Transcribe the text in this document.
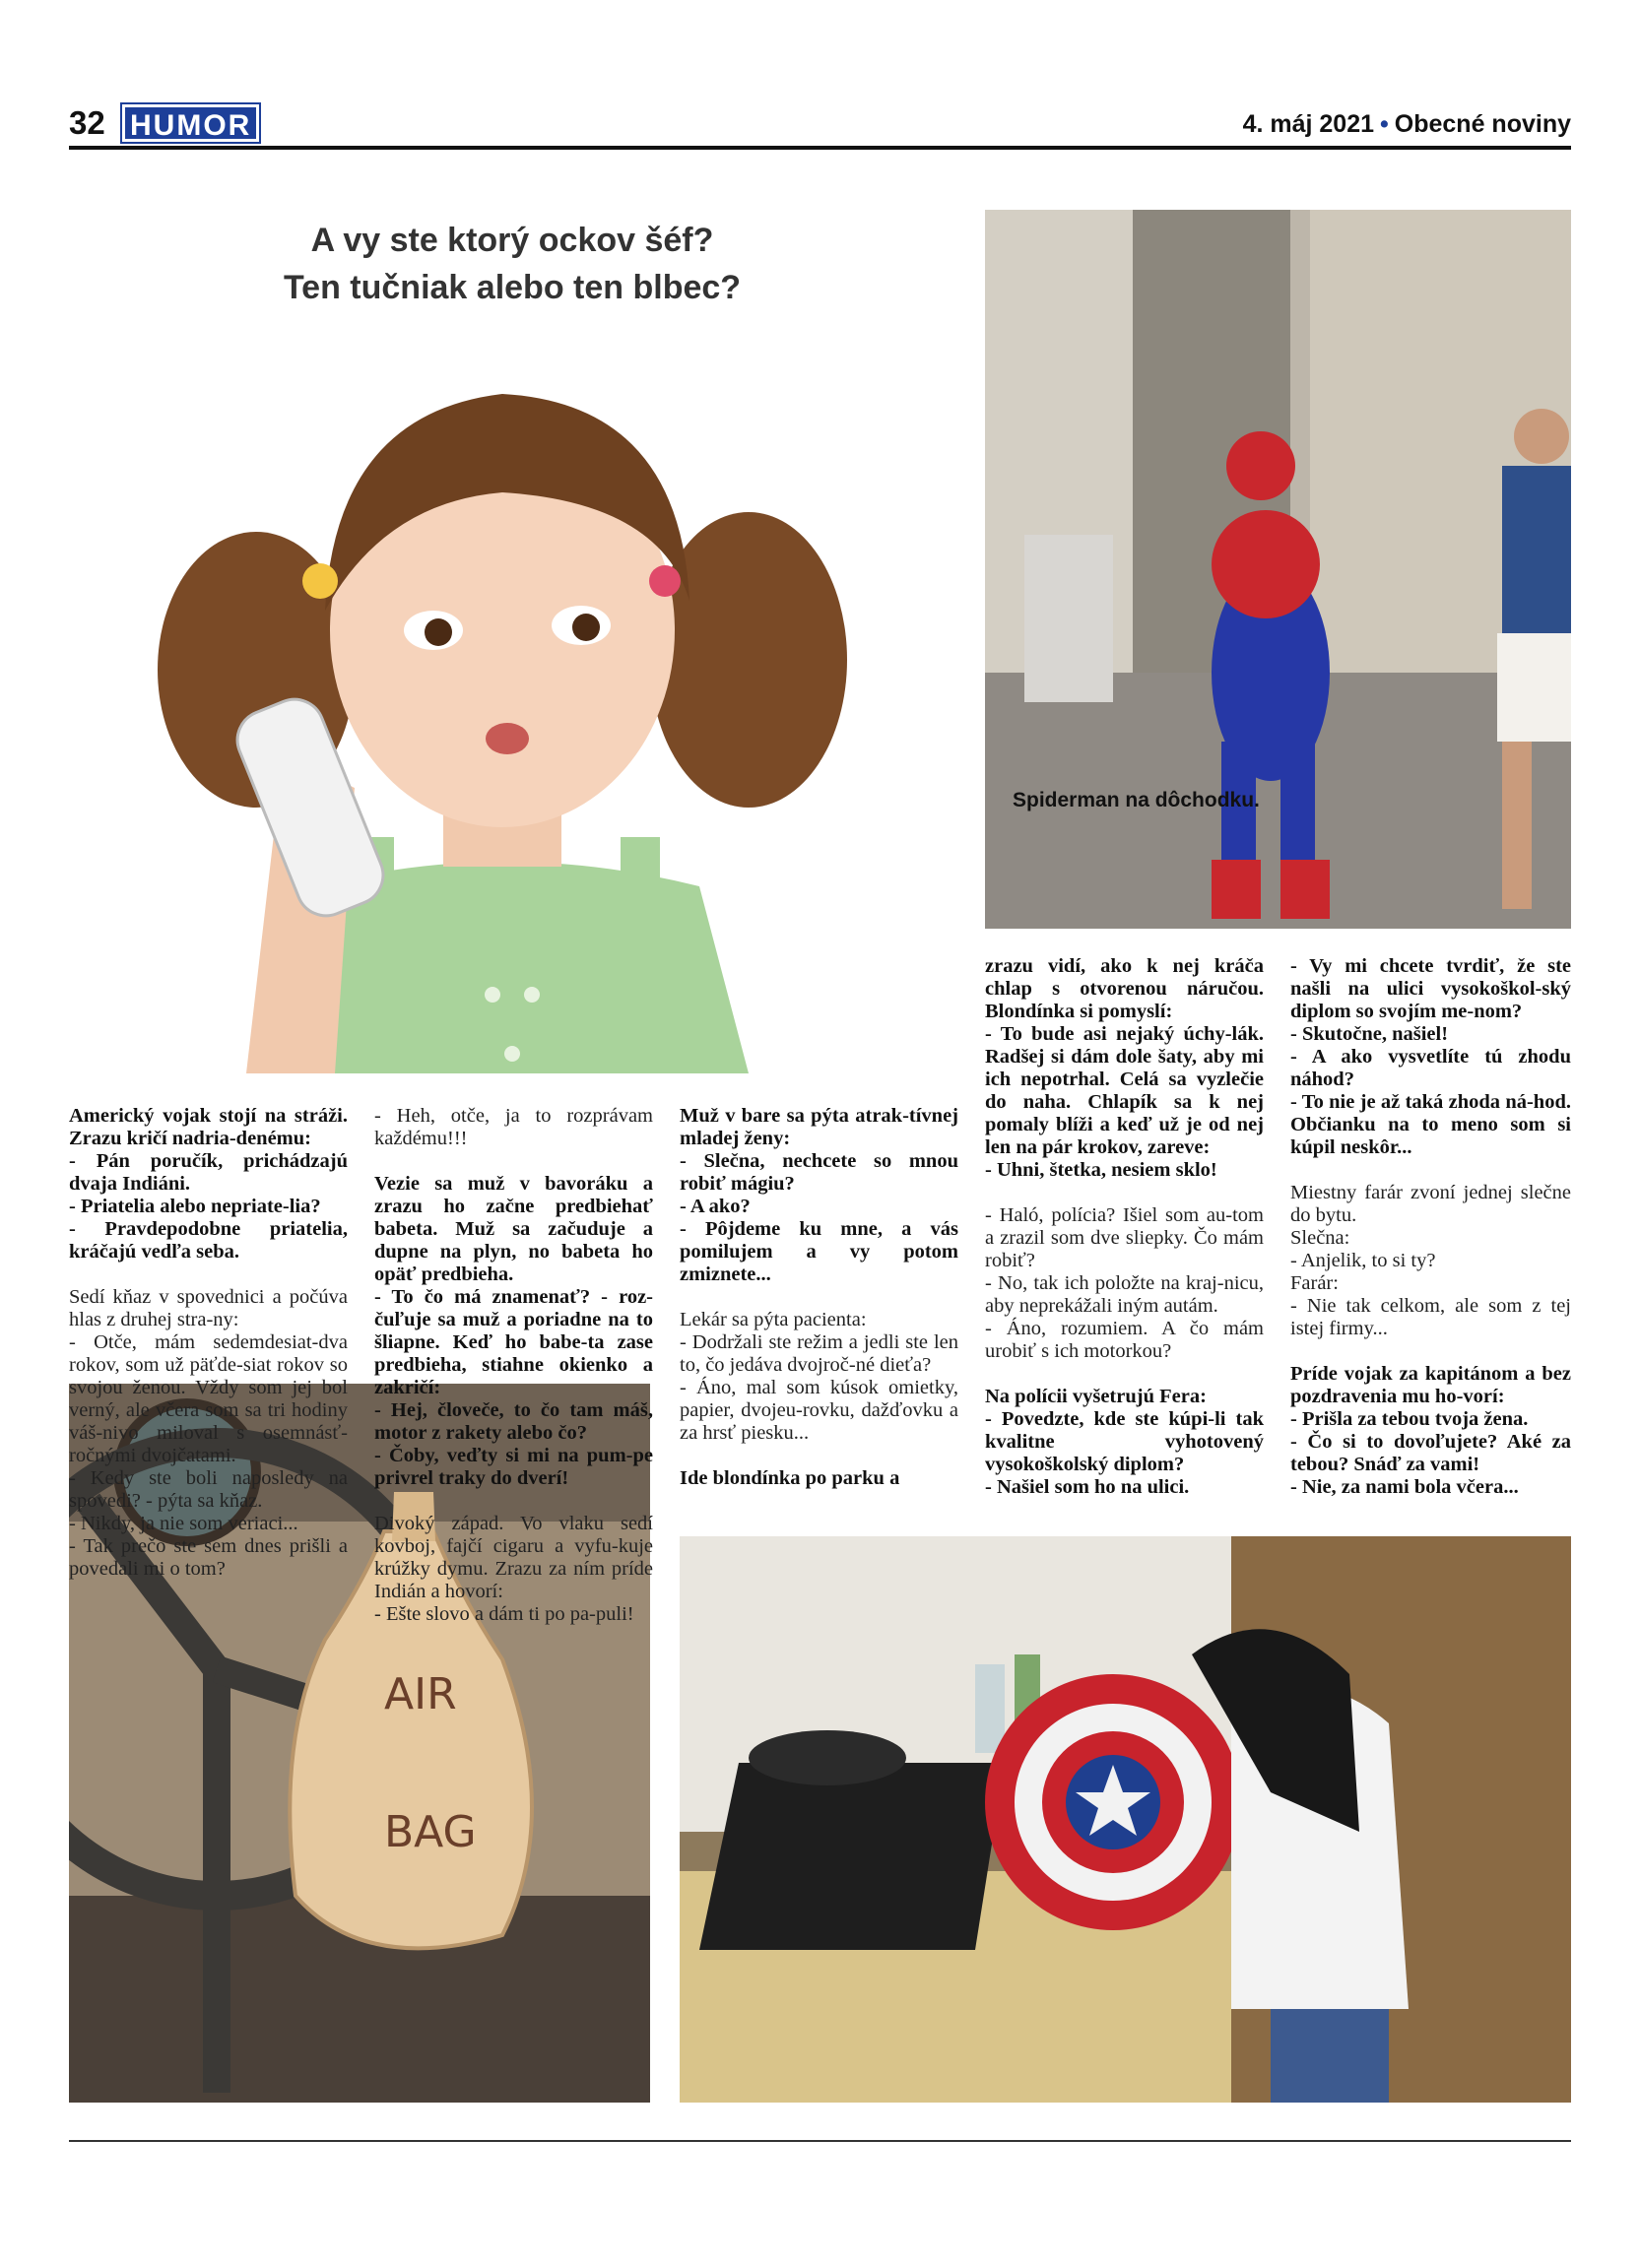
32 HUMOR	4. máj 2021 • Obecné noviny
A vy ste ktorý ockov šéf?
Ten tučniak alebo ten blbec?
Spiderman na dôchodku.
AIR
BAG

Americký vojak stojí na stráži. Zrazu kričí nadria-denému:
- Pán poručík, prichádzajú dvaja Indiáni.
- Priatelia alebo nepriate-lia?
- Pravdepodobne priatelia, kráčajú vedľa seba.

Sedí kňaz v spovednici a počúva hlas z druhej stra-ny:
- Otče, mám sedemdesiat-dva rokov, som už päťde-siat rokov so svojou ženou. Vždy som jej bol verný, ale včera som sa tri hodiny váš-nivo miloval s osemnásť-ročnými dvojčatami.
- Kedy ste boli naposledy na spovedi? - pýta sa kňaz.
- Nikdy, ja nie som veriaci...
- Tak prečo ste sem dnes prišli a povedali mi o tom?

- Heh, otče, ja to rozprávam každému!!!

Vezie sa muž v bavoráku a zrazu ho začne predbiehať babeta. Muž sa začuduje a dupne na plyn, no babeta ho opäť predbieha.
- To čo má znamenať? - roz-čuľuje sa muž a poriadne na to šliapne. Keď ho babe-ta zase predbieha, stiahne okienko a zakričí:
- Hej, človeče, to čo tam máš, motor z rakety alebo čo?
- Čoby, veďty si mi na pum-pe privrel traky do dverí!

Divoký západ. Vo vlaku sedí kovboj, fajčí cigaru a vyfu-kuje krúžky dymu. Zrazu za ním príde Indián a hovorí:
- Ešte slovo a dám ti po pa-puli!

Muž v bare sa pýta atrak-tívnej mladej ženy:
- Slečna, nechcete so mnou robiť mágiu?
- A ako?
- Pôjdeme ku mne, a vás pomilujem a vy potom zmiznete...

Lekár sa pýta pacienta:
- Dodržali ste režim a jedli ste len to, čo jedáva dvojroč-né dieťa?
- Áno, mal som kúsok omietky, papier, dvojeu-rovku, dažďovku a za hrsť piesku...

Ide blondínka po parku a

zrazu vidí, ako k nej kráča chlap s otvorenou náručou. Blondínka si pomyslí:
- To bude asi nejaký úchy-lák. Radšej si dám dole šaty, aby mi ich nepotrhal. Celá sa vyzlečie do naha. Chlapík sa k nej pomaly blíži a keď už je od nej len na pár krokov, zareve:
- Uhni, štetka, nesiem sklo!

- Haló, polícia? Išiel som au-tom a zrazil som dve sliepky. Čo mám robiť?
- No, tak ich položte na kraj-nicu, aby neprekážali iným autám.
- Áno, rozumiem. A čo mám urobiť s ich motorkou?

Na polícii vyšetrujú Fera:
- Povedzte, kde ste kúpi-li tak kvalitne vyhotovený vysokoškolský diplom?
- Našiel som ho na ulici.

- Vy mi chcete tvrdiť, že ste našli na ulici vysokoškol-ský diplom so svojím me-nom?
- Skutočne, našiel!
- A ako vysvetlíte tú zhodu náhod?
- To nie je až taká zhoda ná-hod. Občianku na to meno som si kúpil neskôr...

Miestny farár zvoní jednej slečne do bytu.
Slečna:
- Anjelik, to si ty?
Farár:
- Nie tak celkom, ale som z tej istej firmy...

Príde vojak za kapitánom a bez pozdravenia mu ho-vorí:
- Prišla za tebou tvoja žena.
- Čo si to dovoľujete? Aké za tebou? Snáď za vami!
- Nie, za nami bola včera...
